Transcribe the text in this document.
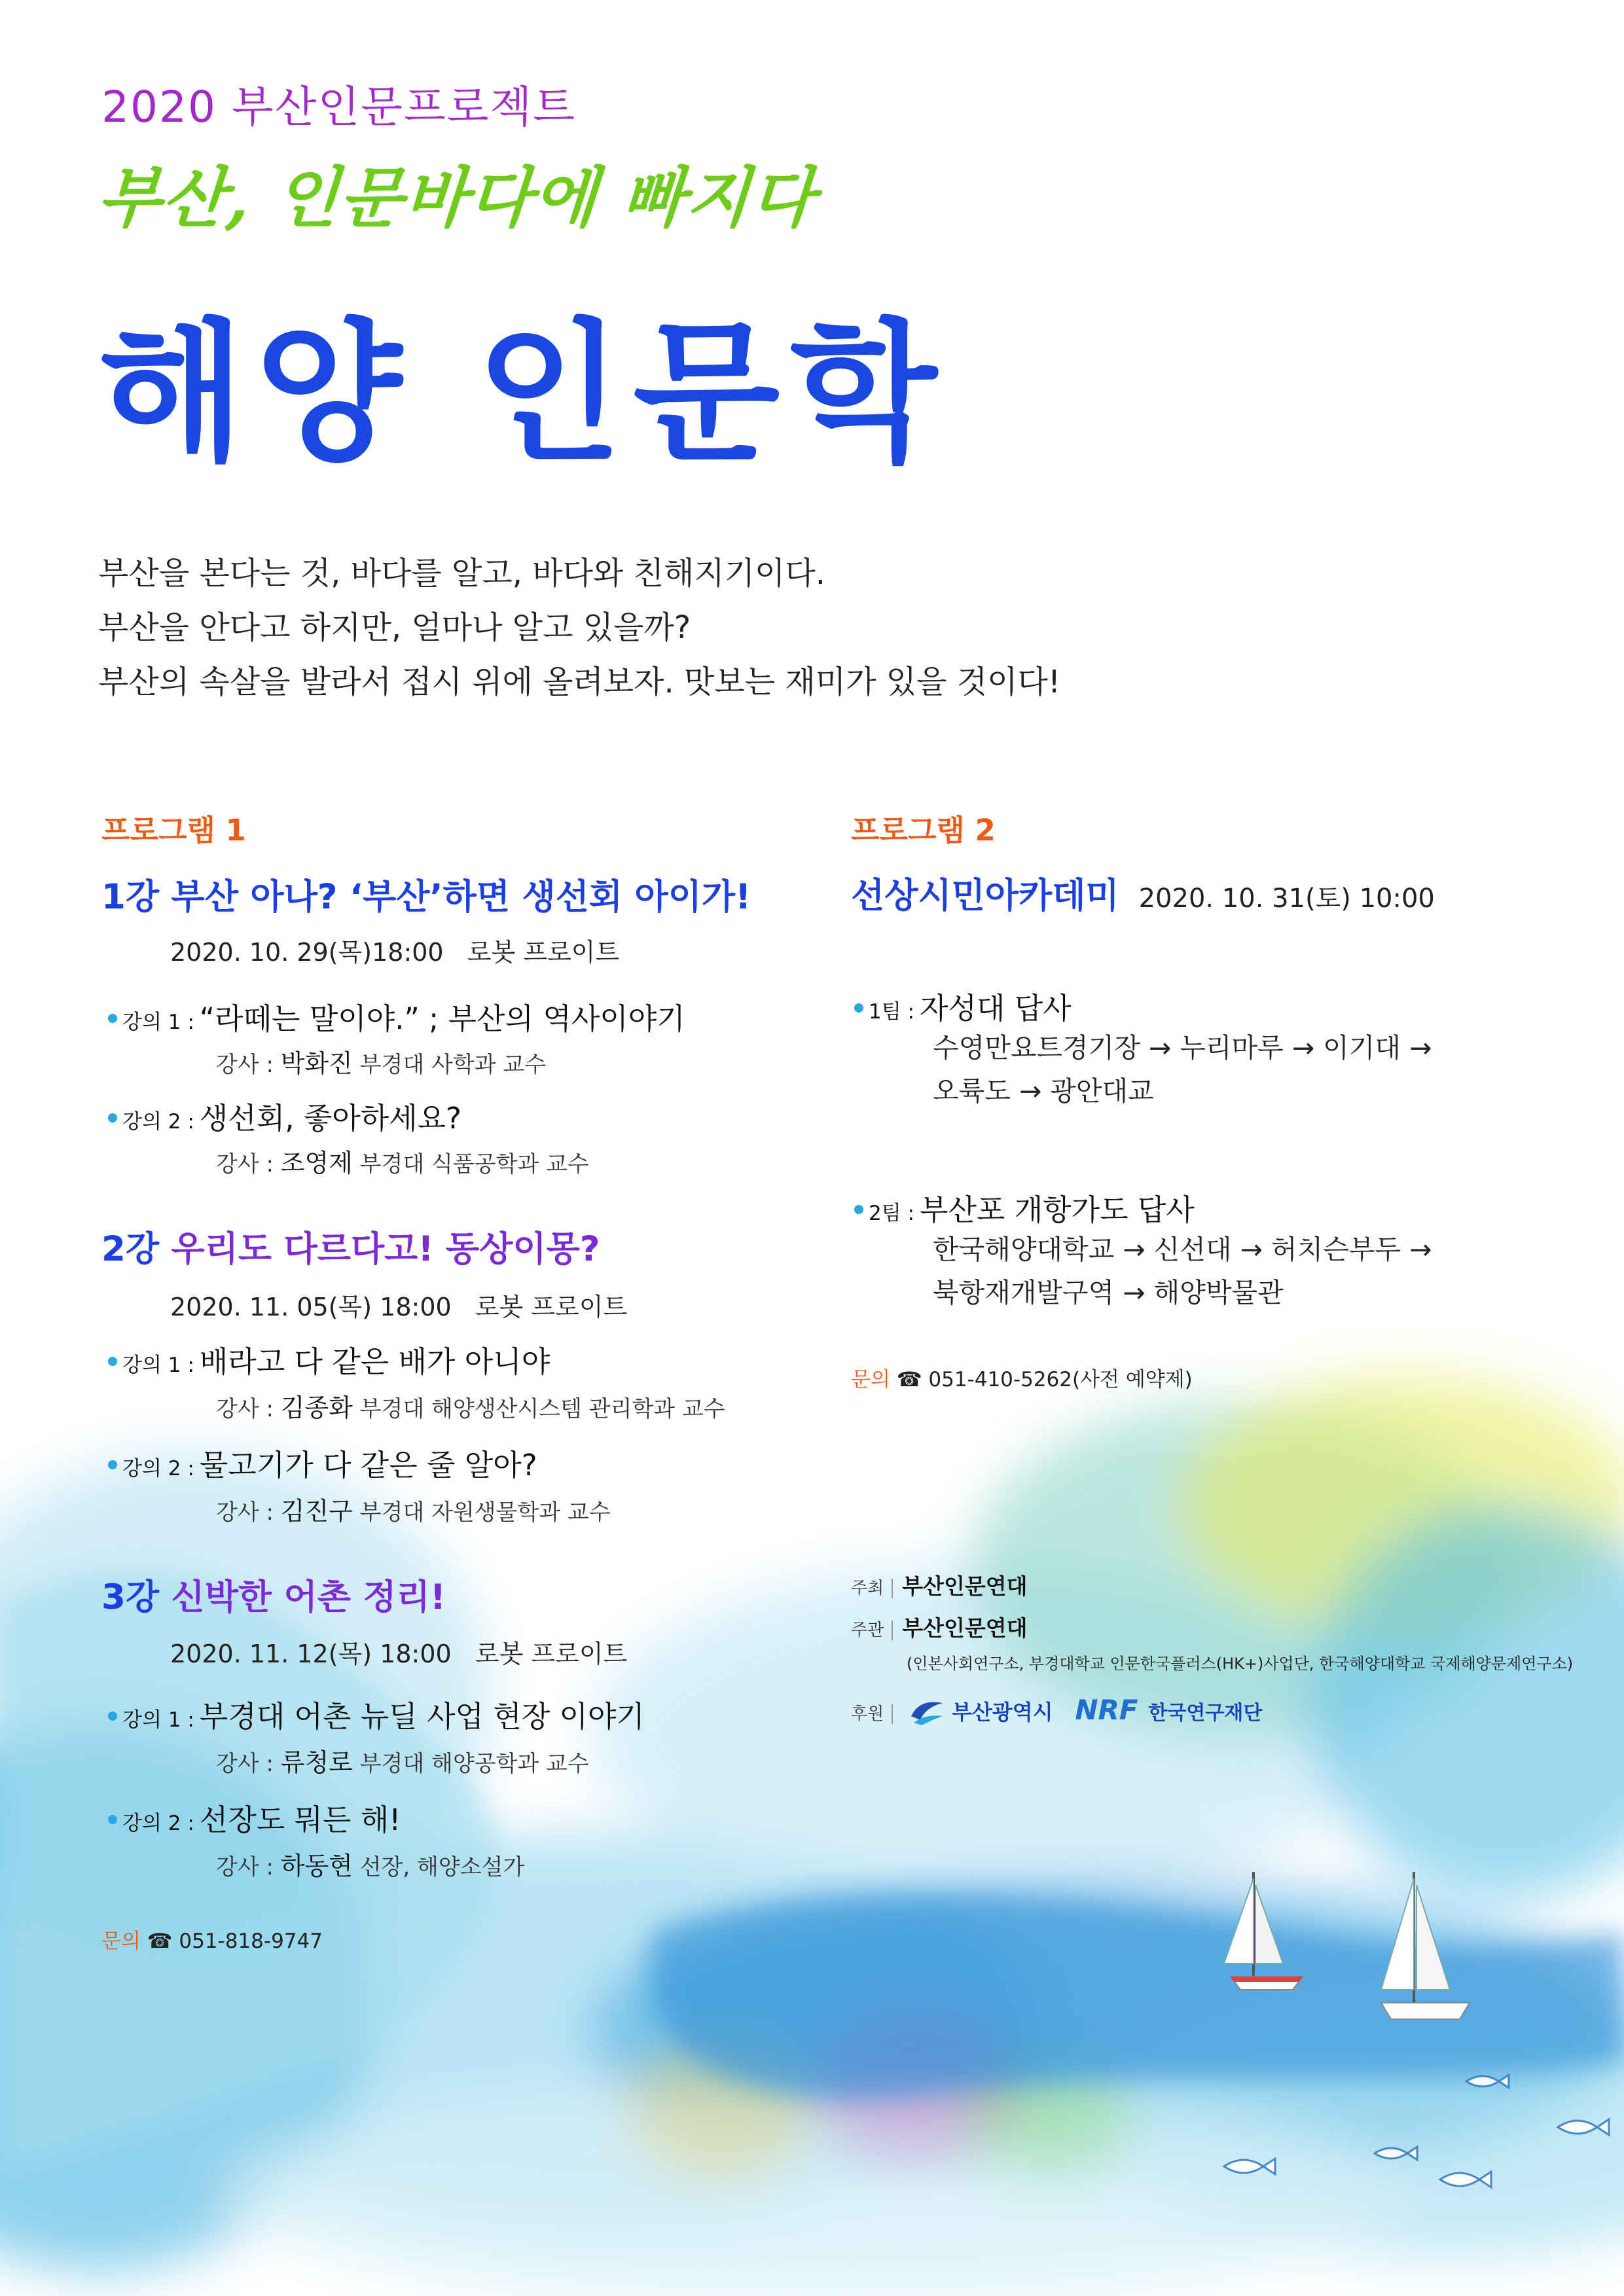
2020 부산인문프로젝트
부산, 인문바다에 빠지다
해양 인문학
부산을 본다는 것, 바다를 알고, 바다와 친해지기이다.
부산을 안다고 하지만, 얼마나 알고 있을까?
부산의 속살을 발라서 접시 위에 올려보자. 맛보는 재미가 있을 것이다!
프로그램 1
1강 부산 아나? ‘부산’하면 생선회 아이가!
2020. 10. 29(목)18:00 로봇 프로이트
강의 1 : “라떼는 말이야.” ; 부산의 역사이야기
강사 : 박화진 부경대 사학과 교수
강의 2 : 생선회, 좋아하세요?
강사 : 조영제 부경대 식품공학과 교수
2강 우리도 다르다고! 동상이몽?
2020. 11. 05(목) 18:00 로봇 프로이트
강의 1 : 배라고 다 같은 배가 아니야
강사 : 김종화 부경대 해양생산시스템 관리학과 교수
강의 2 : 물고기가 다 같은 줄 알아?
강사 : 김진구 부경대 자원생물학과 교수
3강 신박한 어촌 정리!
2020. 11. 12(목) 18:00 로봇 프로이트
강의 1 : 부경대 어촌 뉴딜 사업 현장 이야기
강사 : 류청로 부경대 해양공학과 교수
강의 2 : 선장도 뭐든 해!
강사 : 하동현 선장, 해양소설가
문의 ☎ 051-818-9747
프로그램 2
선상시민아카데미 2020. 10. 31(토) 10:00
1팀 : 자성대 답사
수영만요트경기장 → 누리마루 → 이기대 →
오륙도 → 광안대교
2팀 : 부산포 개항가도 답사
한국해양대학교 → 신선대 → 허치슨부두 →
북항재개발구역 → 해양박물관
문의 ☎ 051-410-5262(사전 예약제)
주최 부산인문연대
주관 부산인문연대
(인본사회연구소, 부경대학교 인문한국플러스(HK+)사업단, 한국해양대학교 국제해양문제연구소)
후원	부산광역시 NRF 한국연구재단
